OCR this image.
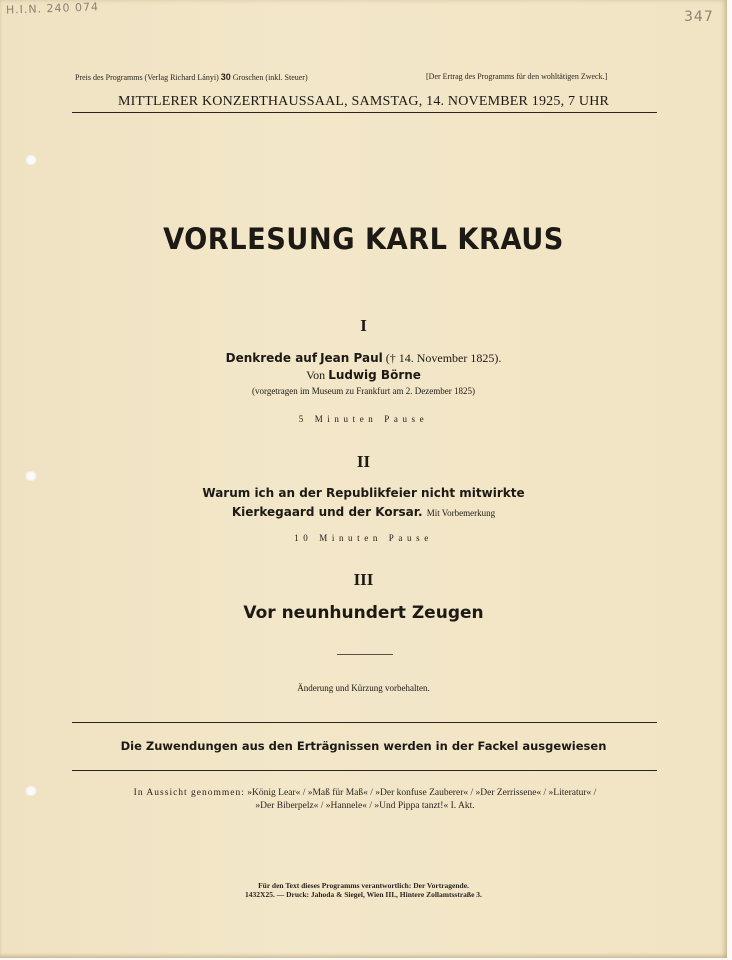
H.I.N. 240 074
347
Preis des Programms (Verlag Richard Lányi) 30 Groschen (inkl. Steuer)	[Der Ertrag des Programms für den wohltätigen Zweck.]
MITTLERER KONZERTHAUSSAAL, SAMSTAG, 14. NOVEMBER 1925, 7 UHR
VORLESUNG KARL KRAUS
I
Denkrede auf Jean Paul († 14. November 1825).
Von Ludwig Börne
(vorgetragen im Museum zu Frankfurt am 2. Dezember 1825)
5 Minuten Pause
II
Warum ich an der Republikfeier nicht mitwirkte
Kierkegaard und der Korsar. Mit Vorbemerkung
10 Minuten Pause
III
Vor neunhundert Zeugen
Änderung und Kürzung vorbehalten.
Die Zuwendungen aus den Erträgnissen werden in der Fackel ausgewiesen
In Aussicht genommen: »König Lear« / »Maß für Maß« / »Der konfuse Zauberer« / »Der Zerrissene« / »Literatur« /
»Der Biberpelz« / »Hannele« / »Und Pippa tanzt!« I. Akt.
Für den Text dieses Programms verantwortlich: Der Vortragende.
1432X25. — Druck: Jahoda & Siegel, Wien III., Hintere Zollamtsstraße 3.
